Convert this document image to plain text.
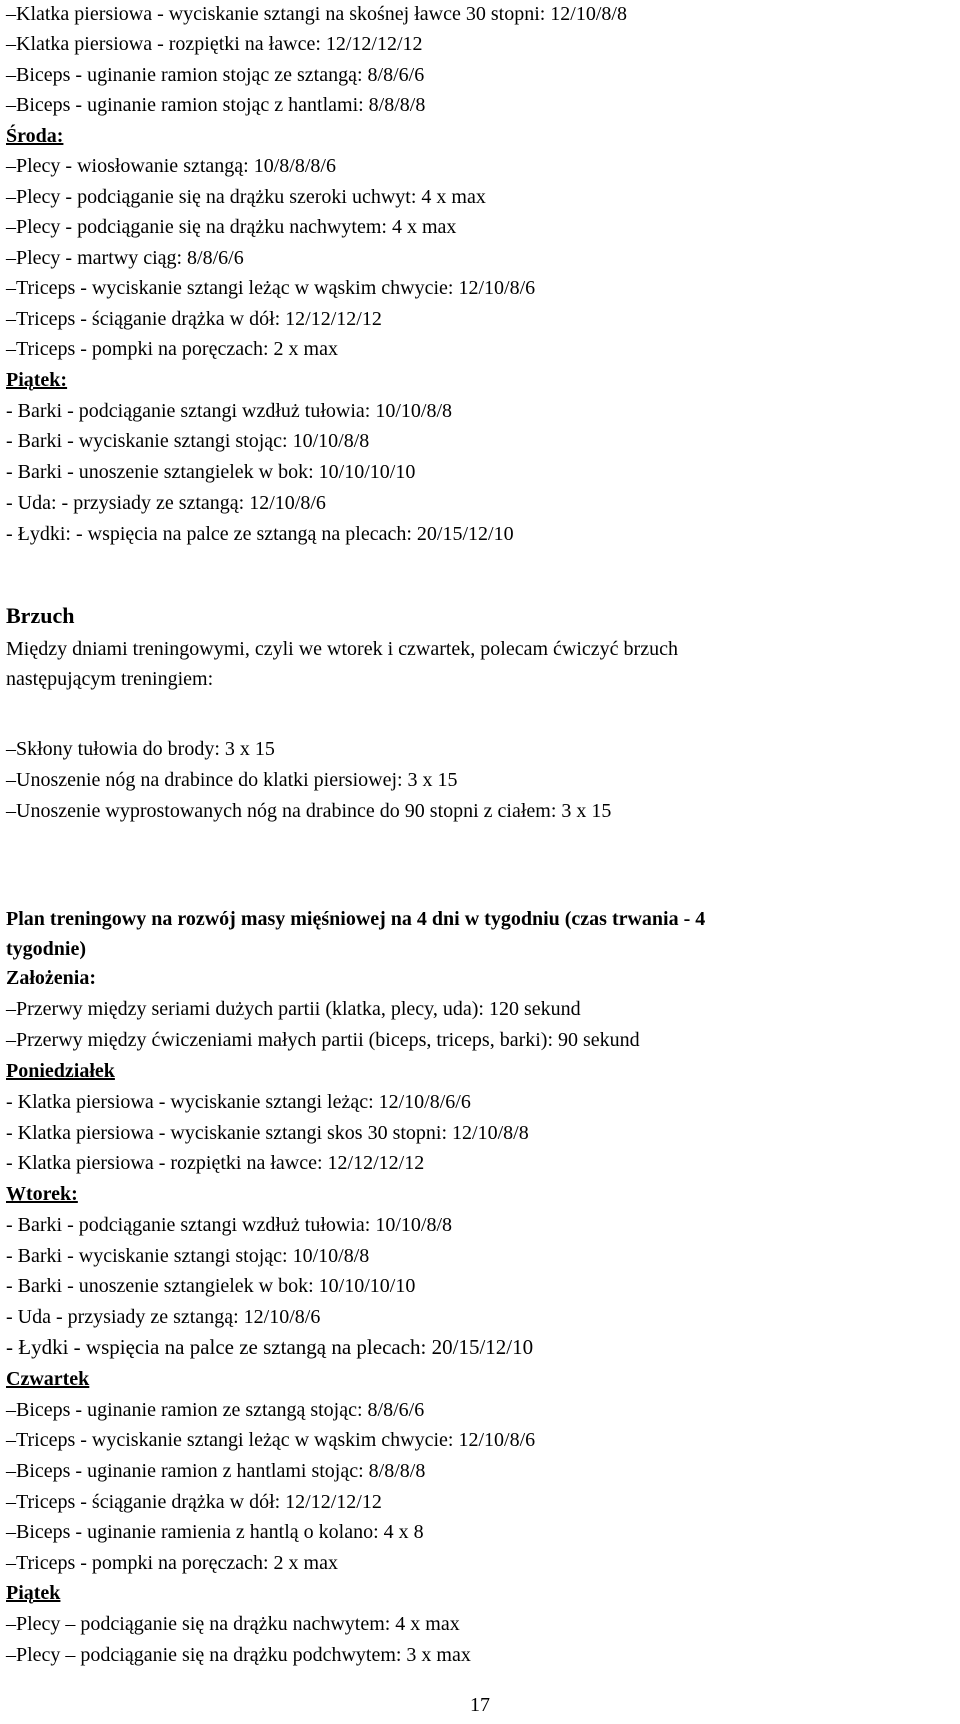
–Klatka piersiowa - wyciskanie sztangi na skośnej ławce 30 stopni: 12/10/8/8
–Klatka piersiowa - rozpiętki na ławce: 12/12/12/12
–Biceps - uginanie ramion stojąc ze sztangą: 8/8/6/6
–Biceps - uginanie ramion stojąc z hantlami: 8/8/8/8
Środa:
–Plecy - wiosłowanie sztangą: 10/8/8/8/6
–Plecy - podciąganie się na drążku szeroki uchwyt: 4 x max
–Plecy - podciąganie się na drążku nachwytem: 4 x max
–Plecy - martwy ciąg: 8/8/6/6
–Triceps - wyciskanie sztangi leżąc w wąskim chwycie: 12/10/8/6
–Triceps - ściąganie drążka w dół: 12/12/12/12
–Triceps - pompki na poręczach: 2 x max
Piątek:
- Barki - podciąganie sztangi wzdłuż tułowia: 10/10/8/8
- Barki - wyciskanie sztangi stojąc: 10/10/8/8
- Barki - unoszenie sztangielek w bok: 10/10/10/10
- Uda: - przysiady ze sztangą: 12/10/8/6
- Łydki: - wspięcia na palce ze sztangą na plecach: 20/15/12/10
Brzuch
Między dniami treningowymi, czyli we wtorek i czwartek, polecam ćwiczyć brzuch
następującym treningiem:
–Skłony tułowia do brody: 3 x 15
–Unoszenie nóg na drabince do klatki piersiowej: 3 x 15
–Unoszenie wyprostowanych nóg na drabince do 90 stopni z ciałem: 3 x 15
Plan treningowy na rozwój masy mięśniowej na 4 dni w tygodniu (czas trwania - 4
tygodnie)
Założenia:
–Przerwy między seriami dużych partii (klatka, plecy, uda): 120 sekund
–Przerwy między ćwiczeniami małych partii (biceps, triceps, barki): 90 sekund
Poniedziałek
- Klatka piersiowa - wyciskanie sztangi leżąc: 12/10/8/6/6
- Klatka piersiowa - wyciskanie sztangi skos 30 stopni: 12/10/8/8
- Klatka piersiowa - rozpiętki na ławce: 12/12/12/12
Wtorek:
- Barki - podciąganie sztangi wzdłuż tułowia: 10/10/8/8
- Barki - wyciskanie sztangi stojąc: 10/10/8/8
- Barki - unoszenie sztangielek w bok: 10/10/10/10
- Uda - przysiady ze sztangą: 12/10/8/6
- Łydki - wspięcia na palce ze sztangą na plecach: 20/15/12/10
Czwartek
–Biceps - uginanie ramion ze sztangą stojąc: 8/8/6/6
–Triceps - wyciskanie sztangi leżąc w wąskim chwycie: 12/10/8/6
–Biceps - uginanie ramion z hantlami stojąc: 8/8/8/8
–Triceps - ściąganie drążka w dół: 12/12/12/12
–Biceps - uginanie ramienia z hantlą o kolano: 4 x 8
–Triceps - pompki na poręczach: 2 x max
Piątek
–Plecy – podciąganie się na drążku nachwytem: 4 x max
–Plecy – podciąganie się na drążku podchwytem: 3 x max
17
